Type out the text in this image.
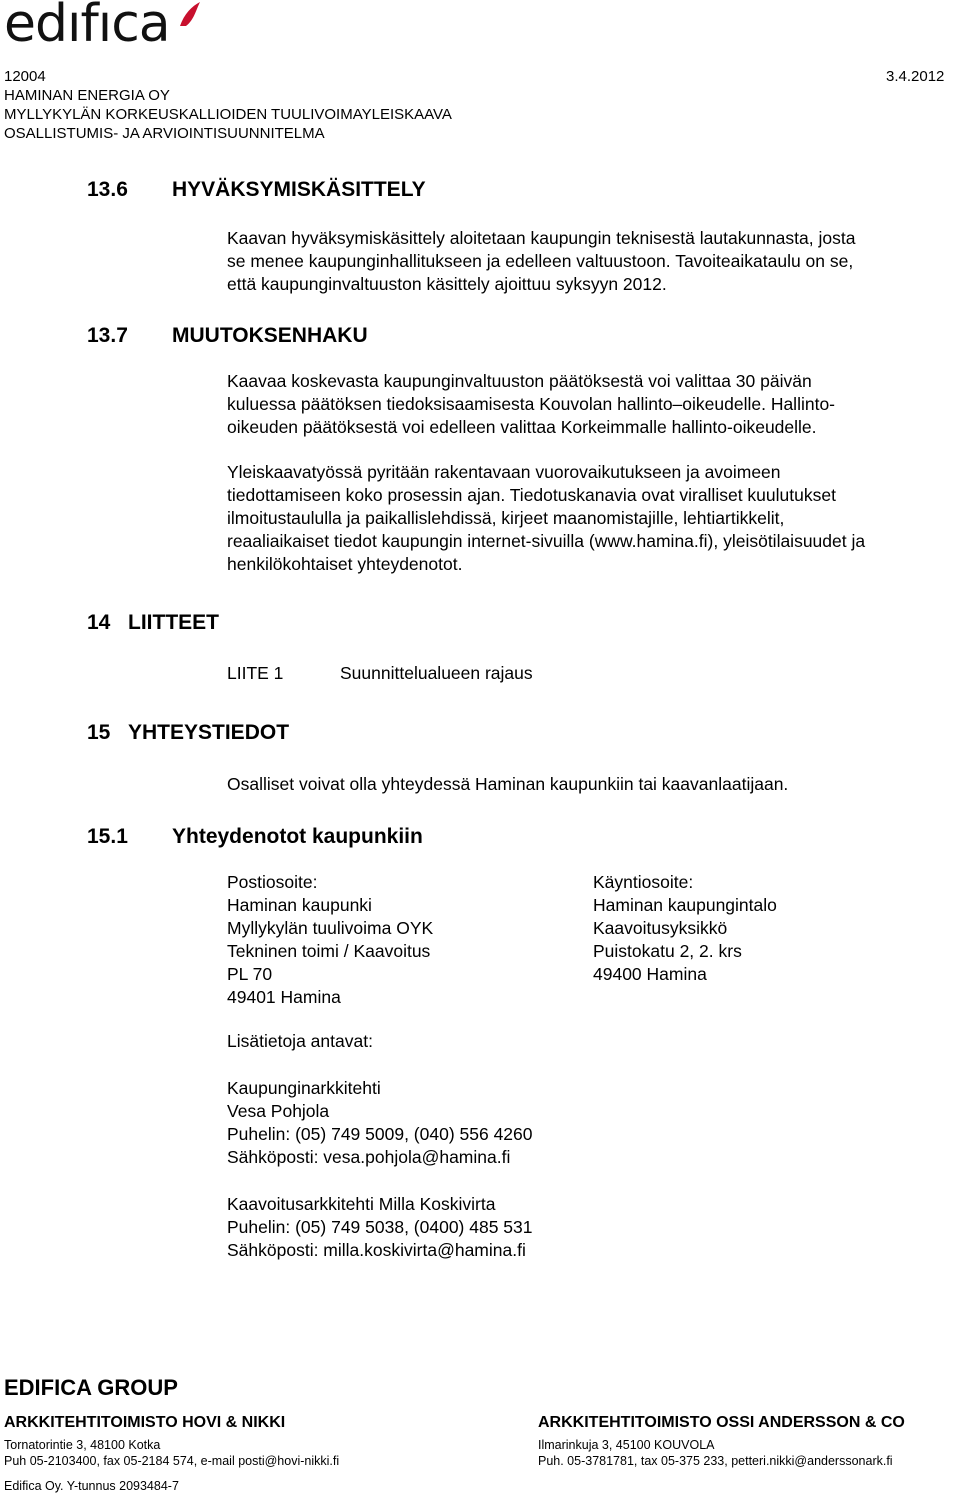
edıfıca
12004	3.4.2012
HAMINAN ENERGIA OY
MYLLYKYLÄN KORKEUSKALLIOIDEN TUULIVOIMAYLEISKAAVA
OSALLISTUMIS- JA ARVIOINTISUUNNITELMA
13.6 HYVÄKSYMISKÄSITTELY
Kaavan hyväksymiskäsittely aloitetaan kaupungin teknisestä lautakunnasta, josta
se menee kaupunginhallitukseen ja edelleen valtuustoon. Tavoiteaikataulu on se,
että kaupunginvaltuuston käsittely ajoittuu syksyyn 2012.
13.7 MUUTOKSENHAKU
Kaavaa koskevasta kaupunginvaltuuston päätöksestä voi valittaa 30 päivän
kuluessa päätöksen tiedoksisaamisesta Kouvolan hallinto–oikeudelle. Hallinto-
oikeuden päätöksestä voi edelleen valittaa Korkeimmalle hallinto-oikeudelle.
Yleiskaavatyössä pyritään rakentavaan vuorovaikutukseen ja avoimeen
tiedottamiseen koko prosessin ajan. Tiedotuskanavia ovat viralliset kuulutukset
ilmoitustaululla ja paikallislehdissä, kirjeet maanomistajille, lehtiartikkelit,
reaaliaikaiset tiedot kaupungin internet-sivuilla (www.hamina.fi), yleisötilaisuudet ja
henkilökohtaiset yhteydenotot.
14 LIITTEET
LIITE 1	Suunnittelualueen rajaus
15 YHTEYSTIEDOT
Osalliset voivat olla yhteydessä Haminan kaupunkiin tai kaavanlaatijaan.
15.1 Yhteydenotot kaupunkiin
Postiosoite:
Haminan kaupunki
Myllykylän tuulivoima OYK
Tekninen toimi / Kaavoitus
PL 70
49401 Hamina
Käyntiosoite:
Haminan kaupungintalo
Kaavoitusyksikkö
Puistokatu 2, 2. krs
49400 Hamina
Lisätietoja antavat:
Kaupunginarkkitehti
Vesa Pohjola
Puhelin: (05) 749 5009, (040) 556 4260
Sähköposti: vesa.pohjola@hamina.fi
Kaavoitusarkkitehti Milla Koskivirta
Puhelin: (05) 749 5038, (0400) 485 531
Sähköposti: milla.koskivirta@hamina.fi
EDIFICA GROUP
ARKKITEHTITOIMISTO HOVI & NIKKI
Tornatorintie 3, 48100 Kotka
Puh 05-2103400, fax 05-2184 574, e-mail posti@hovi-nikki.fi
ARKKITEHTITOIMISTO OSSI ANDERSSON & CO
Ilmarinkuja 3, 45100 KOUVOLA
Puh. 05-3781781, tax 05-375 233, petteri.nikki@anderssonark.fi
Edifica Oy. Y-tunnus 2093484-7
